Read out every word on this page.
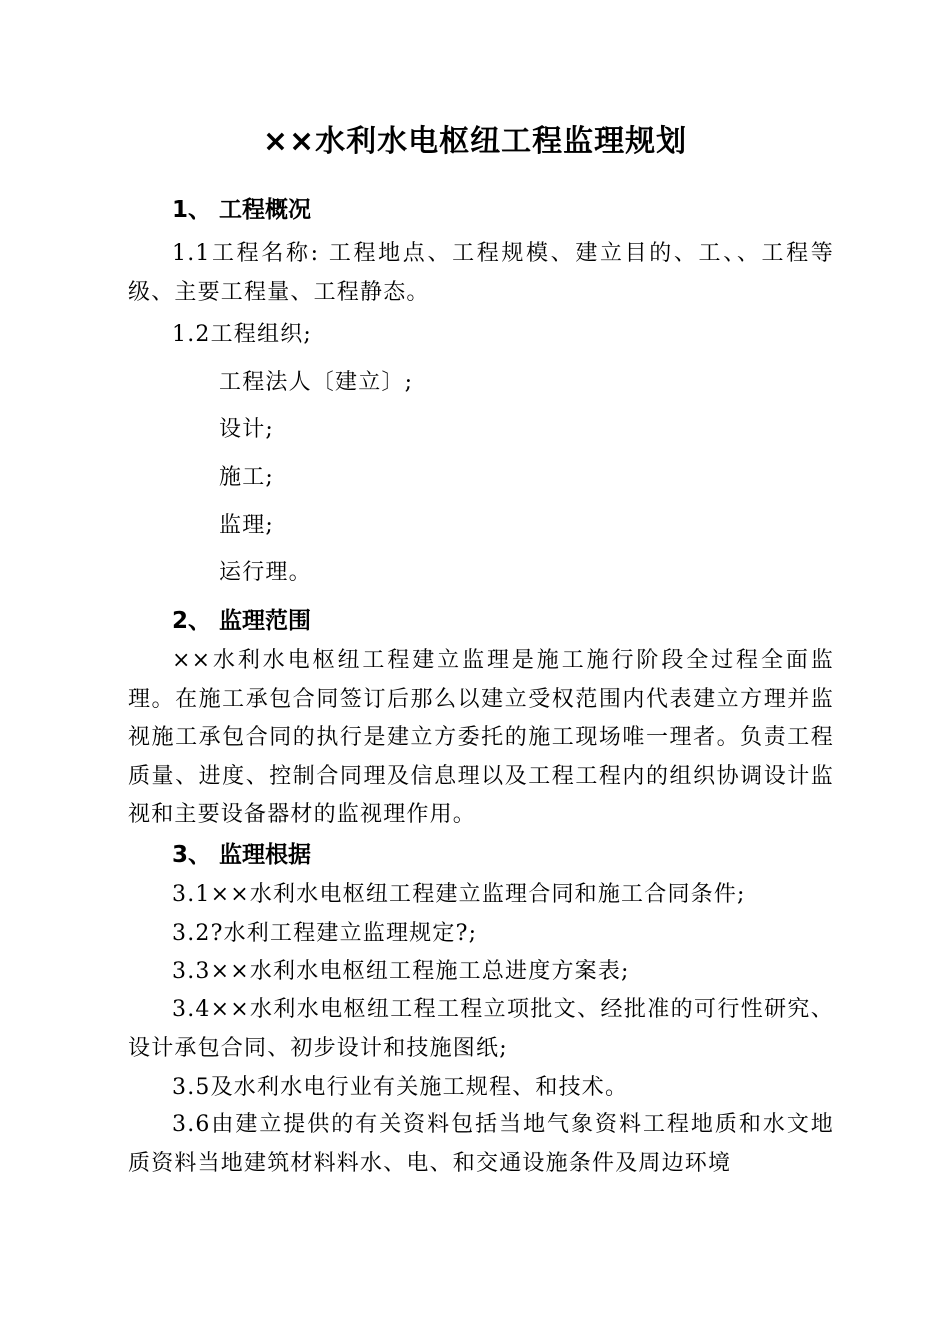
××水利水电枢纽工程监理规划
1、 工程概况
1.1工程名称: 工程地点、工程规模、建立目的、工、、工程等级、主要工程量、工程静态。
1.2工程组织;
工程法人〔建立〕;
设计;
施工;
监理;
运行理。
2、 监理范围
××水利水电枢纽工程建立监理是施工施行阶段全过程全面监理。在施工承包合同签订后那么以建立受权范围内代表建立方理并监视施工承包合同的执行是建立方委托的施工现场唯一理者。负责工程质量、进度、控制合同理及信息理以及工程工程内的组织协调设计监视和主要设备器材的监视理作用。
3、 监理根据
3.1××水利水电枢纽工程建立监理合同和施工合同条件;
3.2?水利工程建立监理规定?;
3.3××水利水电枢纽工程施工总进度方案表;
3.4××水利水电枢纽工程工程立项批文、经批准的可行性研究、设计承包合同、初步设计和技施图纸;
3.5及水利水电行业有关施工规程、和技术。
3.6由建立提供的有关资料包括当地气象资料工程地质和水文地质资料当地建筑材料料水、电、和交通设施条件及周边环境
